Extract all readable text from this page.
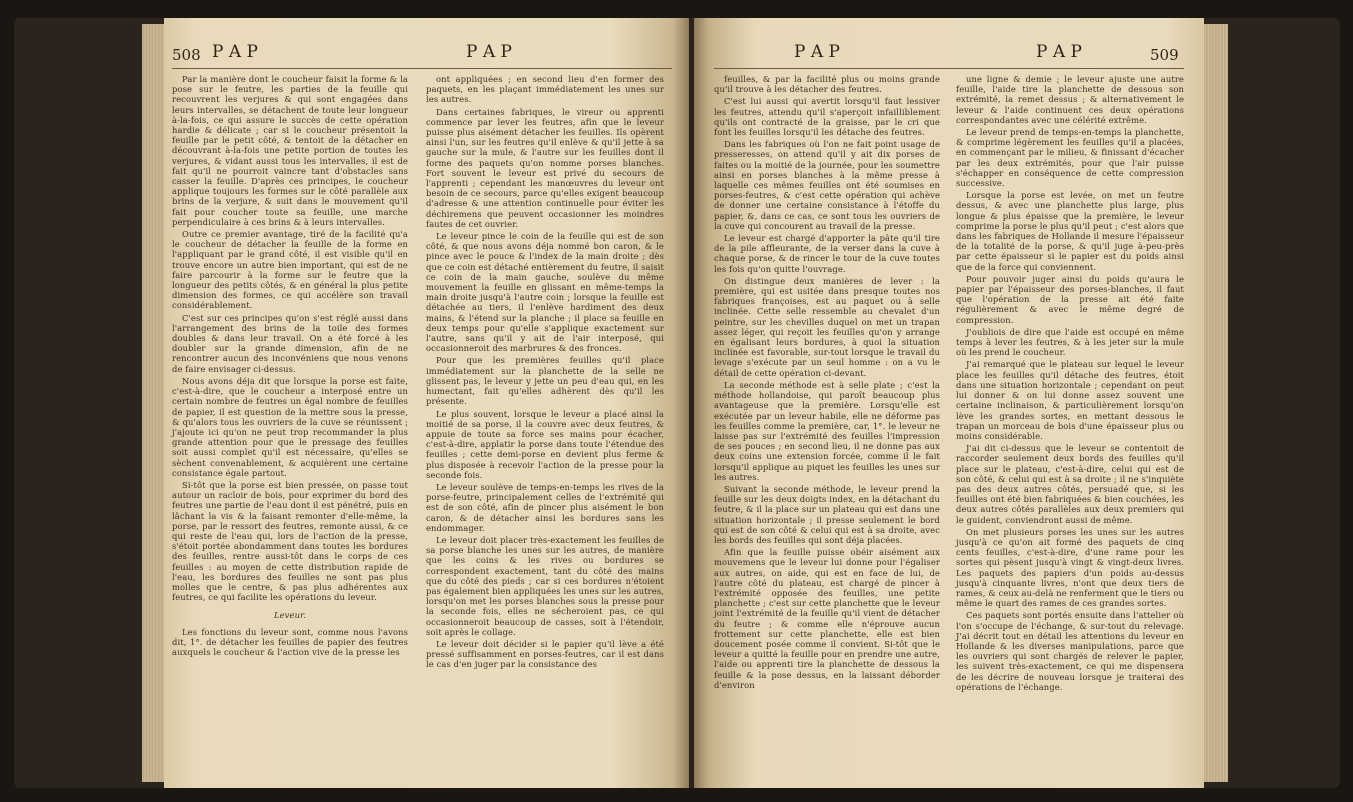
508 P A P	P A P

Par la manière dont le coucheur faisit la forme & la pose sur le feutre, les parties de la feuille qui recouvrent les verjures & qui sont engagées dans leurs intervalles, se détachent de toute leur longueur à-la-fois, ce qui assure le succès de cette opération hardie & délicate ; car si le coucheur présentoit la feuille par le petit côté, & tentoit de la détacher en découvrant à-la-fois une petite portion de toutes les verjures, & vidant aussi tous les intervalles, il est de fait qu'il ne pourroit vaincre tant d'obstacles sans casser la feuille. D'après ces principes, le coucheur applique toujours les formes sur le côté parallèle aux brins de la verjure, & suit dans le mouvement qu'il fait pour coucher toute sa feuille, une marche perpendiculaire à ces brins & à leurs intervalles.

Outre ce premier avantage, tiré de la facilité qu'a le coucheur de détacher la feuille de la forme en l'appliquant par le grand côté, il est visible qu'il en trouve encore un autre bien important, qui est de ne faire parcourir à la forme sur le feutre que la longueur des petits côtés, & en général la plus petite dimension des formes, ce qui accélère son travail considérablement.

C'est sur ces principes qu'on s'est réglé aussi dans l'arrangement des brins de la toile des formes doubles & dans leur travail. On a été forcé à les doubler sur la grande dimension, afin de ne rencontrer aucun des inconvéniens que nous venons de faire envisager ci-dessus.

Nous avons déja dit que lorsque la porse est faite, c'est-à-dire, que le coucheur a interposé entre un certain nombre de feutres un égal nombre de feuilles de papier, il est question de la mettre sous la presse, & qu'alors tous les ouvriers de la cuve se réunissent ; j'ajoute ici qu'on ne peut trop recommander la plus grande attention pour que le pressage des feuilles soit aussi complet qu'il est nécessaire, qu'elles se sèchent convenablement, & acquièrent une certaine consistance égale partout.

Si-tôt que la porse est bien pressée, on passe tout autour un racloir de bois, pour exprimer du bord des feutres une partie de l'eau dont il est pénétré, puis en lâchant la vis & la faisant remonter d'elle-même, la porse, par le ressort des feutres, remonte aussi, & ce qui reste de l'eau qui, lors de l'action de la presse, s'étoit portée abondamment dans toutes les bordures des feuilles, rentre aussi-tôt dans le corps de ces feuilles : au moyen de cette distribution rapide de l'eau, les bordures des feuilles ne sont pas plus molles que le centre, & pas plus adhérentes aux feutres, ce qui facilite les opérations du leveur.

Leveur.

Les fonctions du leveur sont, comme nous l'avons dit, 1°. de détacher les feuilles de papier des feutres auxquels le coucheur & l'action vive de la presse les

ont appliquées ; en second lieu d'en former des paquets, en les plaçant immédiatement les unes sur les autres.

Dans certaines fabriques, le vireur ou apprenti commence par lever les feutres, afin que le leveur puisse plus aisément détacher les feuilles. Ils opèrent ainsi l'un, sur les feutres qu'il enlève & qu'il jette à sa gauche sur la mule, & l'autre sur les feuilles dont il forme des paquets qu'on nomme porses blanches. Fort souvent le leveur est privé du secours de l'apprenti ; cependant les manœuvres du leveur ont besoin de ce secours, parce qu'elles exigent beaucoup d'adresse & une attention continuelle pour éviter les déchiremens que peuvent occasionner les moindres fautes de cet ouvrier.

Le leveur pince le coin de la feuille qui est de son côté, & que nous avons déja nommé bon caron, & le pince avec le pouce & l'index de la main droite ; dès que ce coin est détaché entièrement du feutre, il saisit ce coin de la main gauche, soulève du même mouvement la feuille en glissant en même-temps la main droite jusqu'à l'autre coin ; lorsque la feuille est détachée au tiers, il l'enlève hardiment des deux mains, & l'étend sur la planche ; il place sa feuille en deux temps pour qu'elle s'applique exactement sur l'autre, sans qu'il y ait de l'air interposé, qui occasionneroit des marbrures & des fronces.

Pour que les premières feuilles qu'il place immédiatement sur la planchette de la selle ne glissent pas, le leveur y jette un peu d'eau qui, en les humectant, fait qu'elles adhèrent dès qu'il les présente.

Le plus souvent, lorsque le leveur a placé ainsi la moitié de sa porse, il la couvre avec deux feutres, & appuie de toute sa force ses mains pour écacher, c'est-à-dire, applatir la porse dans toute l'étendue des feuilles ; cette demi-porse en devient plus ferme & plus disposée à recevoir l'action de la presse pour la seconde fois.

Le leveur soulève de temps-en-temps les rives de la porse-feutre, principalement celles de l'extrémité qui est de son côté, afin de pincer plus aisément le bon caron, & de détacher ainsi les bordures sans les endommager.

Le leveur doit placer très-exactement les feuilles de sa porse blanche les unes sur les autres, de manière que les coins & les rives ou bordures se correspondent exactement, tant du côté des mains que du côté des pieds ; car si ces bordures n'étoient pas également bien appliquées les unes sur les autres, lorsqu'on met les porses blanches sous la presse pour la seconde fois, elles ne sécheroient pas, ce qui occasionneroit beaucoup de casses, soit à l'étendoir, soit après le collage.

Le leveur doit décider si le papier qu'il lève a été pressé suffisamment en porses-feutres, car il est dans le cas d'en juger par la consistance des

P A P	P A P	509

feuilles, & par la facilité plus ou moins grande qu'il trouve à les détacher des feutres.

C'est lui aussi qui avertit lorsqu'il faut lessiver les feutres, attendu qu'il s'aperçoit infailliblement qu'ils ont contracté de la graisse, par le cri que font les feuilles lorsqu'il les détache des feutres.

Dans les fabriques où l'on ne fait point usage de presseresses, on attend qu'il y ait dix porses de faites ou la moitié de la journée, pour les soumettre ainsi en porses blanches à la même presse à laquelle ces mêmes feuilles ont été soumises en porses-feutres, & c'est cette opération qui achève de donner une certaine consistance à l'étoffe du papier, &, dans ce cas, ce sont tous les ouvriers de la cuve qui concourent au travail de la presse.

Le leveur est chargé d'apporter la pâte qu'il tire de la pile affleurante, de la verser dans la cuve à chaque porse, & de rincer le tour de la cuve toutes les fois qu'on quitte l'ouvrage.

On distingue deux manières de lever : la première, qui est usitée dans presque toutes nos fabriques françoises, est au paquet ou à selle inclinée. Cette selle ressemble au chevalet d'un peintre, sur les chevilles duquel on met un trapan assez léger, qui reçoit les feuilles qu'on y arrange en égalisant leurs bordures, à quoi la situation inclinée est favorable, sur-tout lorsque le travail du levage s'exécute par un seul homme : on a vu le détail de cette opération ci-devant.

La seconde méthode est à selle plate ; c'est la méthode hollandoise, qui paroît beaucoup plus avantageuse que la première. Lorsqu'elle est exécutée par un leveur habile, elle ne déforme pas les feuilles comme la première, car, 1°. le leveur ne laisse pas sur l'extrémité des feuilles l'impression de ses pouces ; en second lieu, il ne donne pas aux deux coins une extension forcée, comme il le fait lorsqu'il applique au piquet les feuilles les unes sur les autres.

Suivant la seconde méthode, le leveur prend la feuille sur les deux doigts index, en la détachant du feutre, & il la place sur un plateau qui est dans une situation horizontale ; il presse seulement le bord qui est de son côté & celui qui est à sa droite, avec les bords des feuilles qui sont déja placées.

Afin que la feuille puisse obéir aisément aux mouvemens que le leveur lui donne pour l'égaliser aux autres, on aide, qui est en face de lui, de l'autre côté du plateau, est chargé de pincer à l'extrémité opposée des feuilles, une petite planchette ; c'est sur cette planchette que le leveur joint l'extrémité de la feuille qu'il vient de détacher du feutre ; & comme elle n'éprouve aucun frottement sur cette planchette, elle est bien doucement posée comme il convient. Si-tôt que le leveur a quitté la feuille pour en prendre une autre, l'aide ou apprenti tire la planchette de dessous la feuille & la pose dessus, en la laissant déborder d'environ

une ligne & demie ; le leveur ajuste une autre feuille, l'aide tire la planchette de dessous son extrémité, la remet dessus ; & alternativement le leveur & l'aide continuent ces deux opérations correspondantes avec une célérité extrême.

Le leveur prend de temps-en-temps la planchette, & comprime légèrement les feuilles qu'il a placées, en commençant par le milieu, & finissant d'écacher par les deux extrémités, pour que l'air puisse s'échapper en conséquence de cette compression successive.

Lorsque la porse est levée, on met un feutre dessus, & avec une planchette plus large, plus longue & plus épaisse que la première, le leveur comprime la porse le plus qu'il peut ; c'est alors que dans les fabriques de Hollande il mesure l'épaisseur de la totalité de la porse, & qu'il juge à-peu-près par cette épaisseur si le papier est du poids ainsi que de la force qui conviennent.

Pour pouvoir juger ainsi du poids qu'aura le papier par l'épaisseur des porses-blanches, il faut que l'opération de la presse ait été faite régulièrement & avec le même degré de compression.

J'oubliois de dire que l'aide est occupé en même temps à lever les feutres, & à les jeter sur la mule où les prend le coucheur.

J'ai remarqué que le plateau sur lequel le leveur place les feuilles qu'il détache des feutres, étoit dans une situation horizontale ; cependant on peut lui donner & on lui donne assez souvent une certaine inclinaison, & particulièrement lorsqu'on lève les grandes sortes, en mettant dessous le trapan un morceau de bois d'une épaisseur plus ou moins considérable.

J'ai dit ci-dessus que le leveur se contentoit de raccorder seulement deux bords des feuilles qu'il place sur le plateau, c'est-à-dire, celui qui est de son côté, & celui qui est à sa droite ; il ne s'inquiète pas des deux autres côtés, persuadé que, si les feuilles ont été bien fabriquées & bien couchées, les deux autres côtés parallèles aux deux premiers qui le guident, conviendront aussi de même.

On met plusieurs porses les unes sur les autres jusqu'à ce qu'on ait formé des paquets de cinq cents feuilles, c'est-à-dire, d'une rame pour les sortes qui pèsent jusqu'à vingt & vingt-deux livres. Les paquets des papiers d'un poids au-dessus jusqu'à cinquante livres, n'ont que deux tiers de rames, & ceux au-delà ne renferment que le tiers ou même le quart des rames de ces grandes sortes.

Ces paquets sont portés ensuite dans l'attelier où l'on s'occupe de l'échange, & sur-tout du relevage. J'ai décrit tout en détail les attentions du leveur en Hollande & les diverses manipulations, parce que les ouvriers qui sont chargés de relever le papier, les suivent très-exactement, ce qui me dispensera de les décrire de nouveau lorsque je traiterai des opérations de l'échange.
